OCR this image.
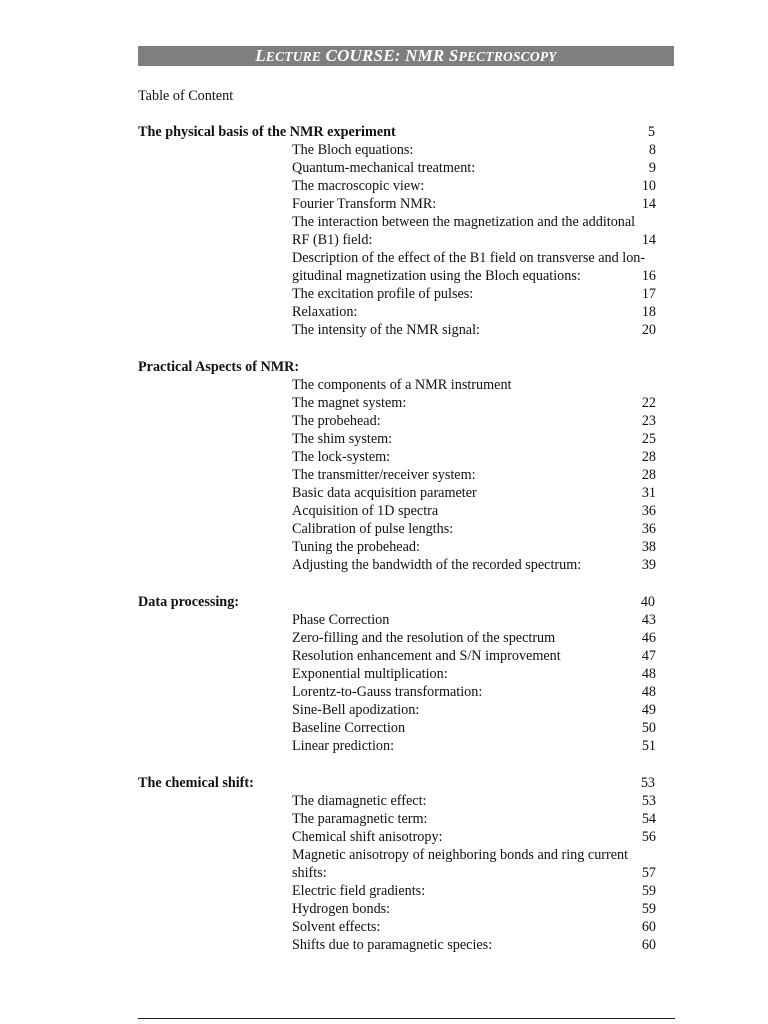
LECTURE COURSE: NMR SPECTROSCOPY
Table of Content
The physical basis of the NMR experiment	5
The Bloch equations:	8
Quantum-mechanical treatment:	9
The macroscopic view:	10
Fourier Transform NMR:	14
The interaction between the magnetization and the additonal
RF (B1) field:	14
Description of the effect of the B1 field on transverse and lon-
gitudinal magnetization using the Bloch equations:	16
The excitation profile of pulses:	17
Relaxation:	18
The intensity of the NMR signal:	20
Practical Aspects of NMR:
The components of a NMR instrument
The magnet system:	22
The probehead:	23
The shim system:	25
The lock-system:	28
The transmitter/receiver system:	28
Basic data acquisition parameter	31
Acquisition of 1D spectra	36
Calibration of pulse lengths:	36
Tuning the probehead:	38
Adjusting the bandwidth of the recorded spectrum:	39
Data processing:	40
Phase Correction	43
Zero-filling and the resolution of the spectrum	46
Resolution enhancement and S/N improvement	47
Exponential multiplication:	48
Lorentz-to-Gauss transformation:	48
Sine-Bell apodization:	49
Baseline Correction	50
Linear prediction:	51
The chemical shift:	53
The diamagnetic effect:	53
The paramagnetic term:	54
Chemical shift anisotropy:	56
Magnetic anisotropy of neighboring bonds and ring current
shifts:	57
Electric field gradients:	59
Hydrogen bonds:	59
Solvent effects:	60
Shifts due to paramagnetic species:	60
